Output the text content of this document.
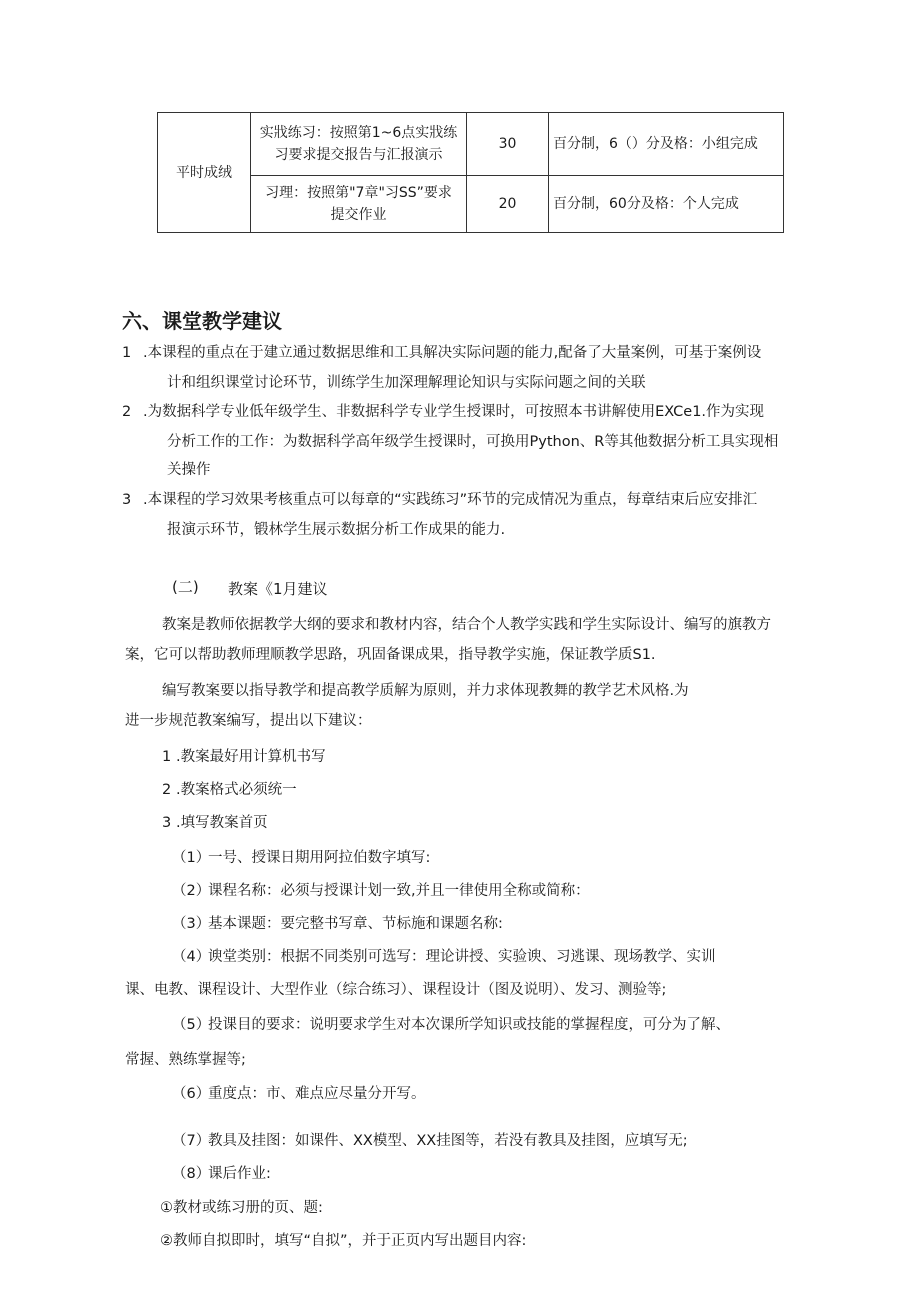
平时成绒	实戕练习：按照第1~6点实戕练
习要求提交报告与汇报演示	30	百分制，6（）分及格：小组完成

	习理：按照第"7章"习SS”要求
提交作业	20	百分制，60分及格：个人完成
六、课堂教学建议
1 .本课程的重点在于建立通过数据思维和工具解决实际问题的能力,配备了大量案例，可基于案例设
计和组织课堂讨论环节，训练学生加深理解理论知识与实际问题之间的关联
2 .为数据科学专业低年级学生、非数据科学专业学生授课时，可按照本书讲解使用EXCe1.作为实现
分析工作的工作：为数据科学高年级学生授课时，可换用Python、R等其他数据分析工具实现相
关操作
3 .本课程的学习效果考核重点可以每章的“实践练习”环节的完成情况为重点，每章结束后应安排汇
报演示环节，锻林学生展示数据分析工作成果的能力.
(二) 教案《1月建议
教案是教师依据教学大纲的要求和教材内容，结合个人教学实践和学生实际设计、编写的旗教方
案，它可以帮助教师理顺教学思路，巩固备课成果，指导教学实施，保证教学质S1.
编写教案要以指导教学和提高教学质解为原则，并力求体现教舞的教学艺术风格.为
进一步规范教案编写，提出以下建议：
1 .教案最好用计算机书写
2 .教案格式必须统一
3 .填写教案首页
（1）
一号、授课日期用阿拉伯数字填写:
（2）
课程名称：必须与授课计划一致,并且一律使用全称或简称：
（3）
基本课题：要完整书写章、节标施和课题名称:
（4）
谀堂类别：根据不同类别可选写：理论讲授、实验谀、习逃课、现场教学、实训
课、电教、课程设计、大型作业（综合练习）、课程设计（图及说明）、发习、测验等;
（5）
投课目的要求：说明要求学生对本次课所学知识或技能的掌握程度，可分为了解、
常握、熟练掌握等;
（6）
重度点：市、难点应尽量分开写。
（7）
教具及挂图：如课件、XX模型、XX挂图等，若没有教具及挂图，应填写无;
（8）
课后作业:
①教材或练习册的页、题:
②教师自拟即时，填写“自拟”，并于正页内写出题目内容:
